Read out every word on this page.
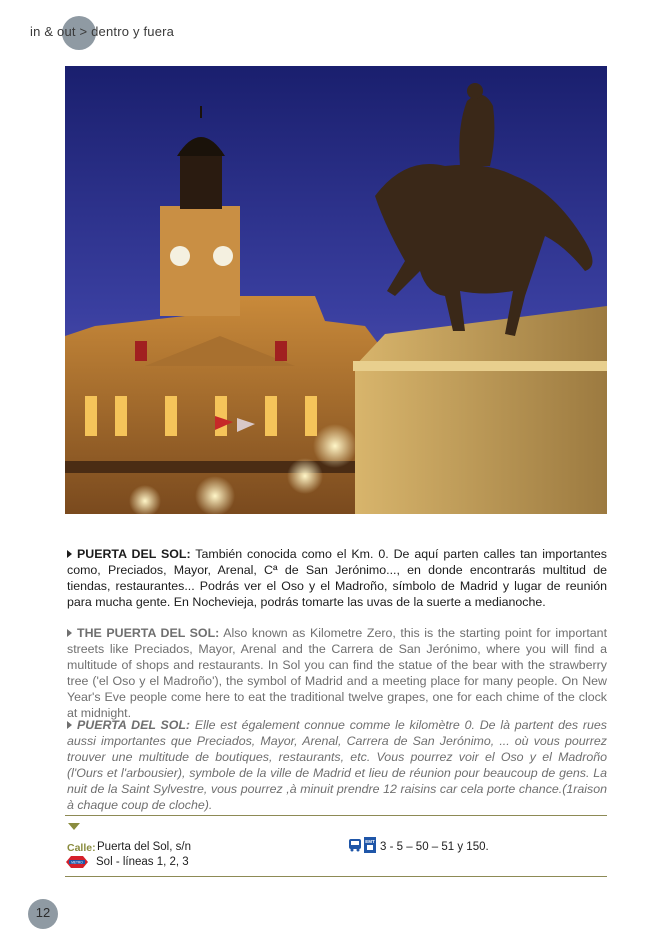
in & out > dentro y fuera
PUERTA DEL SOL: También conocida como el Km. 0. De aquí parten calles tan importantes como, Preciados, Mayor, Arenal, Cª de San Jerónimo..., en donde encontrarás multitud de tiendas, restaurantes... Podrás ver el Oso y el Madroño, símbolo de Madrid y lugar de reunión para mucha gente. En Nochevieja, podrás tomarte las uvas de la suerte a medianoche.
THE PUERTA DEL SOL: Also known as Kilometre Zero, this is the starting point for important streets like Preciados, Mayor, Arenal and the Carrera de San Jerónimo, where you will find a multitude of shops and restaurants. In Sol you can find the statue of the bear with the strawberry tree ('el Oso y el Madroño'), the symbol of Madrid and a meeting place for many people. On New Year's Eve people come here to eat the traditional twelve grapes, one for each chime of the clock at midnight.
PUERTA DEL SOL: Elle est également connue comme le kilomètre 0. De là partent des rues aussi importantes que Preciados, Mayor, Arenal, Carrera de San Jerónimo, ... où vous pourrez trouver une multitude de boutiques, restaurants, etc. Vous pourrez voir el Oso y el Madroño (l'Ours et l'arbousier), symbole de la ville de Madrid et lieu de réunion pour beaucoup de gens. La nuit de la Saint Sylvestre, vous pourrez ,à minuit prendre 12 raisins car cela porte chance.(1raison à chaque coup de cloche).
Calle: Puerta del Sol, s/n
METRO Sol - líneas 1, 2, 3
EMT 3 - 5 – 50 – 51 y 150.
12
